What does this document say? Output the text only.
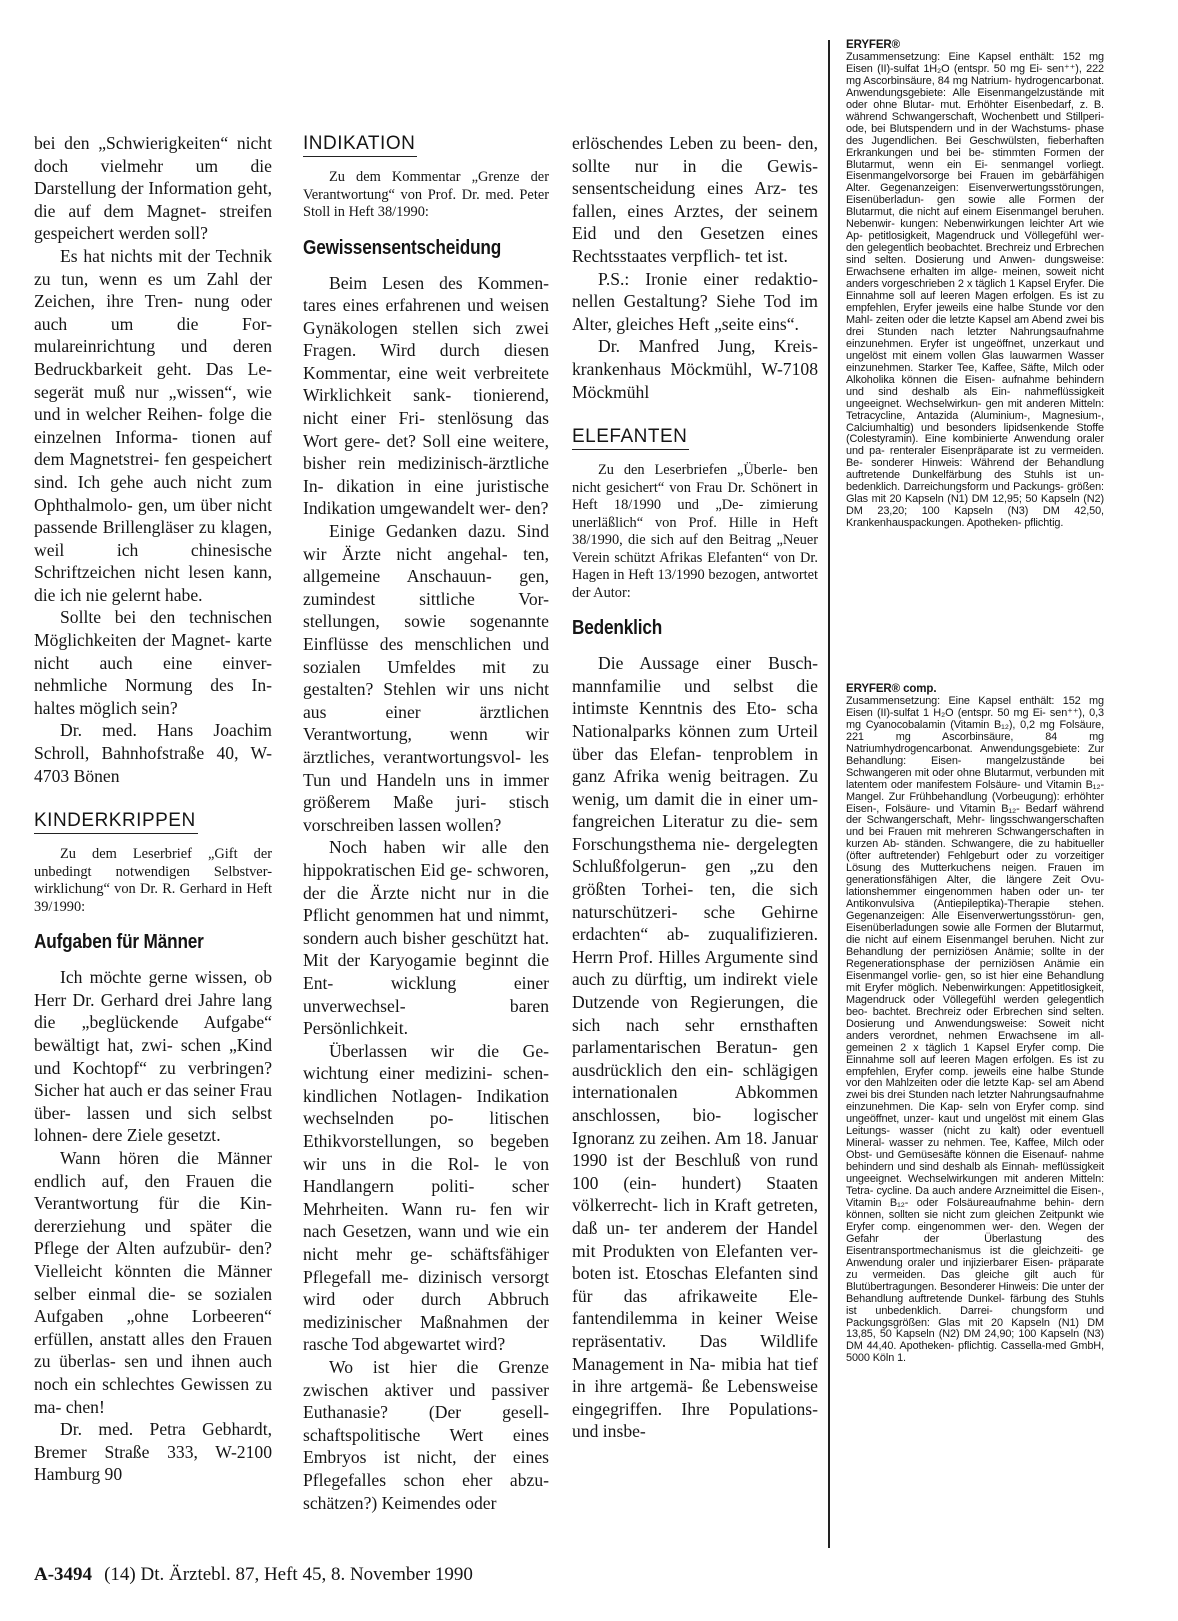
bei den „Schwierigkeiten“ nicht doch vielmehr um die Darstellung der Information geht, die auf dem Magnet- streifen gespeichert werden soll?

Es hat nichts mit der Technik zu tun, wenn es um Zahl der Zeichen, ihre Tren- nung oder auch um die For- mulareinrichtung und deren Bedruckbarkeit geht. Das Le- segerät muß nur „wissen“, wie und in welcher Reihen- folge die einzelnen Informa- tionen auf dem Magnetstrei- fen gespeichert sind. Ich gehe auch nicht zum Ophthalmolo- gen, um über nicht passende Brillengläser zu klagen, weil ich chinesische Schriftzeichen nicht lesen kann, die ich nie gelernt habe.

Sollte bei den technischen Möglichkeiten der Magnet- karte nicht auch eine einver- nehmliche Normung des In- haltes möglich sein?

Dr. med. Hans Joachim Schroll, Bahnhofstraße 40, W-4703 Bönen

KINDERKRIPPEN

Zu dem Leserbrief „Gift der unbedingt notwendigen Selbstver- wirklichung“ von Dr. R. Gerhard in Heft 39/1990:

Aufgaben für Männer

Ich möchte gerne wissen, ob Herr Dr. Gerhard drei Jahre lang die „beglückende Aufgabe“ bewältigt hat, zwi- schen „Kind und Kochtopf“ zu verbringen? Sicher hat auch er das seiner Frau über- lassen und sich selbst lohnen- dere Ziele gesetzt.

Wann hören die Männer endlich auf, den Frauen die Verantwortung für die Kin- dererziehung und später die Pflege der Alten aufzubür- den? Vielleicht könnten die Männer selber einmal die- se sozialen Aufgaben „ohne Lorbeeren“ erfüllen, anstatt alles den Frauen zu überlas- sen und ihnen auch noch ein schlechtes Gewissen zu ma- chen!

Dr. med. Petra Gebhardt, Bremer Straße 333, W-2100 Hamburg 90

INDIKATION

Zu dem Kommentar „Grenze der Verantwortung“ von Prof. Dr. med. Peter Stoll in Heft 38/1990:

Gewissensentscheidung

Beim Lesen des Kommen- tares eines erfahrenen und weisen Gynäkologen stellen sich zwei Fragen. Wird durch diesen Kommentar, eine weit verbreitete Wirklichkeit sank- tionierend, nicht einer Fri- stenlösung das Wort gere- det? Soll eine weitere, bisher rein medizinisch-ärztliche In- dikation in eine juristische Indikation umgewandelt wer- den?

Einige Gedanken dazu. Sind wir Ärzte nicht angehal- ten, allgemeine Anschauun- gen, zumindest sittliche Vor- stellungen, sowie sogenannte Einflüsse des menschlichen und sozialen Umfeldes mit zu gestalten? Stehlen wir uns nicht aus einer ärztlichen Verantwortung, wenn wir ärztliches, verantwortungsvol- les Tun und Handeln uns in immer größerem Maße juri- stisch vorschreiben lassen wollen?

Noch haben wir alle den hippokratischen Eid ge- schworen, der die Ärzte nicht nur in die Pflicht genommen hat und nimmt, sondern auch bisher geschützt hat. Mit der Karyogamie beginnt die Ent- wicklung einer unverwechsel- baren Persönlichkeit.

Überlassen wir die Ge- wichtung einer medizini- schen-kindlichen Notlagen- Indikation wechselnden po- litischen Ethikvorstellungen, so begeben wir uns in die Rol- le von Handlangern politi- scher Mehrheiten. Wann ru- fen wir nach Gesetzen, wann und wie ein nicht mehr ge- schäftsfähiger Pflegefall me- dizinisch versorgt wird oder durch Abbruch medizinischer Maßnahmen der rasche Tod abgewartet wird?

Wo ist hier die Grenze zwischen aktiver und passiver Euthanasie? (Der gesell- schaftspolitische Wert eines Embryos ist nicht, der eines Pflegefalles schon eher abzu- schätzen?) Keimendes oder

erlöschendes Leben zu been- den, sollte nur in die Gewis- sensentscheidung eines Arz- tes fallen, eines Arztes, der seinem Eid und den Gesetzen eines Rechtsstaates verpflich- tet ist.

P.S.: Ironie einer redaktio- nellen Gestaltung? Siehe Tod im Alter, gleiches Heft „seite eins“.

Dr. Manfred Jung, Kreis- krankenhaus Möckmühl, W-7108 Möckmühl

ELEFANTEN

Zu den Leserbriefen „Überle- ben nicht gesichert“ von Frau Dr. Schönert in Heft 18/1990 und „De- zimierung unerläßlich“ von Prof. Hille in Heft 38/1990, die sich auf den Beitrag „Neuer Verein schützt Afrikas Elefanten“ von Dr. Hagen in Heft 13/1990 bezogen, antwortet der Autor:

Bedenklich

Die Aussage einer Busch- mannfamilie und selbst die intimste Kenntnis des Eto- scha Nationalparks können zum Urteil über das Elefan- tenproblem in ganz Afrika wenig beitragen. Zu wenig, um damit die in einer um- fangreichen Literatur zu die- sem Forschungsthema nie- dergelegten Schlußfolgerun- gen „zu den größten Torhei- ten, die sich naturschützeri- sche Gehirne erdachten“ ab- zuqualifizieren. Herrn Prof. Hilles Argumente sind auch zu dürftig, um indirekt viele Dutzende von Regierungen, die sich nach sehr ernsthaften parlamentarischen Beratun- gen ausdrücklich den ein- schlägigen internationalen Abkommen anschlossen, bio- logischer Ignoranz zu zeihen. Am 18. Januar 1990 ist der Beschluß von rund 100 (ein- hundert) Staaten völkerrecht- lich in Kraft getreten, daß un- ter anderem der Handel mit Produkten von Elefanten ver- boten ist. Etoschas Elefanten sind für das afrikaweite Ele- fantendilemma in keiner Weise repräsentativ. Das Wildlife Management in Na- mibia hat tief in ihre artgemä- ße Lebensweise eingegriffen. Ihre Populations- und insbe-

ERYFER®
Zusammensetzung: Eine Kapsel enthält: 152 mg Eisen (II)-sulfat 1H₂O (entspr. 50 mg Ei- sen⁺⁺), 222 mg Ascorbinsäure, 84 mg Natrium- hydrogencarbonat. Anwendungsgebiete: Alle Eisenmangelzustände mit oder ohne Blutar- mut. Erhöhter Eisenbedarf, z. B. während Schwangerschaft, Wochenbett und Stillperi- ode, bei Blutspendern und in der Wachstums- phase des Jugendlichen. Bei Geschwülsten, fieberhaften Erkrankungen und bei be- stimmten Formen der Blutarmut, wenn ein Ei- senmangel vorliegt. Eisenmangelvorsorge bei Frauen im gebärfähigen Alter. Gegenanzeigen: Eisenverwertungsstörungen, Eisenüberladun- gen sowie alle Formen der Blutarmut, die nicht auf einem Eisenmangel beruhen. Nebenwir- kungen: Nebenwirkungen leichter Art wie Ap- petitlosigkeit, Magendruck und Völlegefühl wer- den gelegentlich beobachtet. Brechreiz und Erbrechen sind selten. Dosierung und Anwen- dungsweise: Erwachsene erhalten im allge- meinen, soweit nicht anders vorgeschrieben 2 x täglich 1 Kapsel Eryfer. Die Einnahme soll auf leeren Magen erfolgen. Es ist zu empfehlen, Eryfer jeweils eine halbe Stunde vor den Mahl- zeiten oder die letzte Kapsel am Abend zwei bis drei Stunden nach letzter Nahrungsaufnahme einzunehmen. Eryfer ist ungeöffnet, unzerkaut und ungelöst mit einem vollen Glas lauwarmen Wasser einzunehmen. Starker Tee, Kaffee, Säfte, Milch oder Alkoholika können die Eisen- aufnahme behindern und sind deshalb als Ein- nahmeflüssigkeit ungeeignet. Wechselwirkun- gen mit anderen Mitteln: Tetracycline, Antazida (Aluminium-, Magnesium-, Calciumhaltig) und besonders lipidsenkende Stoffe (Colestyramin). Eine kombinierte Anwendung oraler und pa- renteraler Eisenpräparate ist zu vermeiden. Be- sonderer Hinweis: Während der Behandlung auftretende Dunkelfärbung des Stuhls ist un- bedenklich. Darreichungsform und Packungs- größen: Glas mit 20 Kapseln (N1) DM 12,95; 50 Kapseln (N2) DM 23,20; 100 Kapseln (N3) DM 42,50, Krankenhauspackungen. Apotheken- pflichtig.
ERYFER® comp.
Zusammensetzung: Eine Kapsel enthält: 152 mg Eisen (II)-sulfat 1 H₂O (entspr. 50 mg Ei- sen⁺⁺), 0,3 mg Cyanocobalamin (Vitamin B₁₂), 0,2 mg Folsäure, 221 mg Ascorbinsäure, 84 mg Natriumhydrogencarbonat. Anwendungsgebiete: Zur Behandlung: Eisen- mangelzustände bei Schwangeren mit oder ohne Blutarmut, verbunden mit latentem oder manifestem Folsäure- und Vitamin B₁₂- Mangel. Zur Frühbehandlung (Vorbeugung): erhöhter Eisen-, Folsäure- und Vitamin B₁₂- Bedarf während der Schwangerschaft, Mehr- lingsschwangerschaften und bei Frauen mit mehreren Schwangerschaften in kurzen Ab- ständen. Schwangere, die zu habitueller (öfter auftretender) Fehlgeburt oder zu vorzeitiger Lösung des Mutterkuchens neigen. Frauen im generationsfähigen Alter, die längere Zeit Ovu- lationshemmer eingenommen haben oder un- ter Antikonvulsiva (Antiepileptika)-Therapie stehen. Gegenanzeigen: Alle Eisenverwertungsstörun- gen, Eisenüberladungen sowie alle Formen der Blutarmut, die nicht auf einem Eisenmangel beruhen. Nicht zur Behandlung der perniziösen Anämie; sollte in der Regenerationsphase der perniziösen Anämie ein Eisenmangel vorlie- gen, so ist hier eine Behandlung mit Eryfer möglich. Nebenwirkungen: Appetitlosigkeit, Magendruck oder Völlegefühl werden gelegentlich beo- bachtet. Brechreiz oder Erbrechen sind selten. Dosierung und Anwendungsweise: Soweit nicht anders verordnet, nehmen Erwachsene im all- gemeinen 2 x täglich 1 Kapsel Eryfer comp. Die Einnahme soll auf leeren Magen erfolgen. Es ist zu empfehlen, Eryfer comp. jeweils eine halbe Stunde vor den Mahlzeiten oder die letzte Kap- sel am Abend zwei bis drei Stunden nach letzter Nahrungsaufnahme einzunehmen. Die Kap- seln von Eryfer comp. sind ungeöffnet, unzer- kaut und ungelöst mit einem Glas Leitungs- wasser (nicht zu kalt) oder eventuell Mineral- wasser zu nehmen. Tee, Kaffee, Milch oder Obst- und Gemüsesäfte können die Eisenauf- nahme behindern und sind deshalb als Einnah- meflüssigkeit ungeeignet. Wechselwirkungen mit anderen Mitteln: Tetra- cycline. Da auch andere Arzneimittel die Eisen-, Vitamin B₁₂- oder Folsäureaufnahme behin- dern können, sollten sie nicht zum gleichen Zeitpunkt wie Eryfer comp. eingenommen wer- den. Wegen der Gefahr der Überlastung des Eisentransportmechanismus ist die gleichzeiti- ge Anwendung oraler und injizierbarer Eisen- präparate zu vermeiden. Das gleiche gilt auch für Blutübertragungen. Besonderer Hinweis: Die unter der Behandlung auftretende Dunkel- färbung des Stuhls ist unbedenklich. Darrei- chungsform und Packungsgrößen: Glas mit 20 Kapseln (N1) DM 13,85, 50 Kapseln (N2) DM 24,90; 100 Kapseln (N3) DM 44,40. Apotheken- pflichtig. Cassella-med GmbH, 5000 Köln 1.
A-3494 (14) Dt. Ärztebl. 87, Heft 45, 8. November 1990
